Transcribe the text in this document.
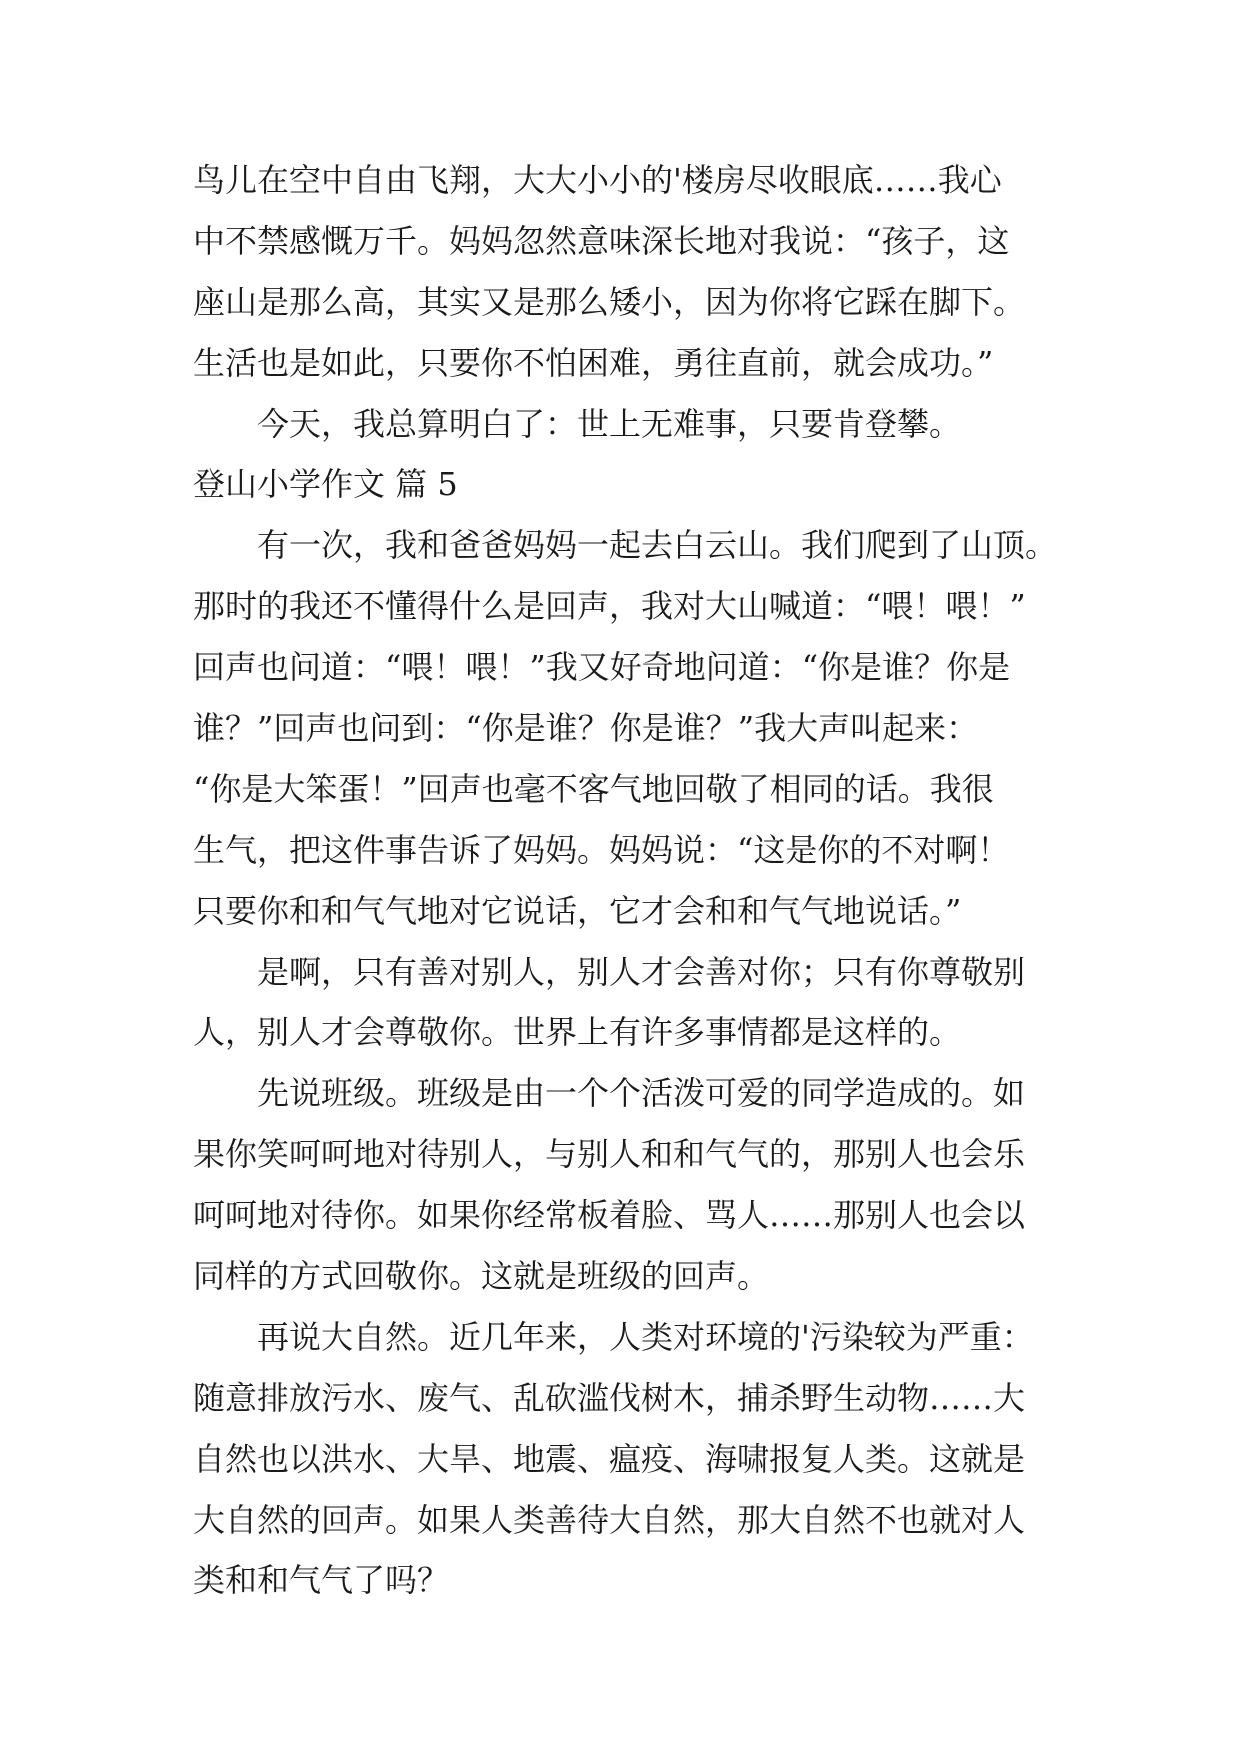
鸟儿在空中自由飞翔，大大小小的'楼房尽收眼底……我心
中不禁感慨万千。妈妈忽然意味深长地对我说：“孩子，这
座山是那么高，其实又是那么矮小，因为你将它踩在脚下。
生活也是如此，只要你不怕困难，勇往直前，就会成功。”
今天，我总算明白了：世上无难事，只要肯登攀。
登山小学作文 篇 5
有一次，我和爸爸妈妈一起去白云山。我们爬到了山顶。
那时的我还不懂得什么是回声，我对大山喊道：“喂！喂！”
回声也问道：“喂！喂！”我又好奇地问道：“你是谁？你是
谁？”回声也问到：“你是谁？你是谁？”我大声叫起来：
“你是大笨蛋！”回声也毫不客气地回敬了相同的话。我很
生气，把这件事告诉了妈妈。妈妈说：“这是你的不对啊！
只要你和和气气地对它说话，它才会和和气气地说话。”
是啊，只有善对别人，别人才会善对你；只有你尊敬别
人，别人才会尊敬你。世界上有许多事情都是这样的。
先说班级。班级是由一个个活泼可爱的同学造成的。如
果你笑呵呵地对待别人，与别人和和气气的，那别人也会乐
呵呵地对待你。如果你经常板着脸、骂人……那别人也会以
同样的方式回敬你。这就是班级的回声。
再说大自然。近几年来，人类对环境的'污染较为严重：
随意排放污水、废气、乱砍滥伐树木，捕杀野生动物……大
自然也以洪水、大旱、地震、瘟疫、海啸报复人类。这就是
大自然的回声。如果人类善待大自然，那大自然不也就对人
类和和气气了吗？
